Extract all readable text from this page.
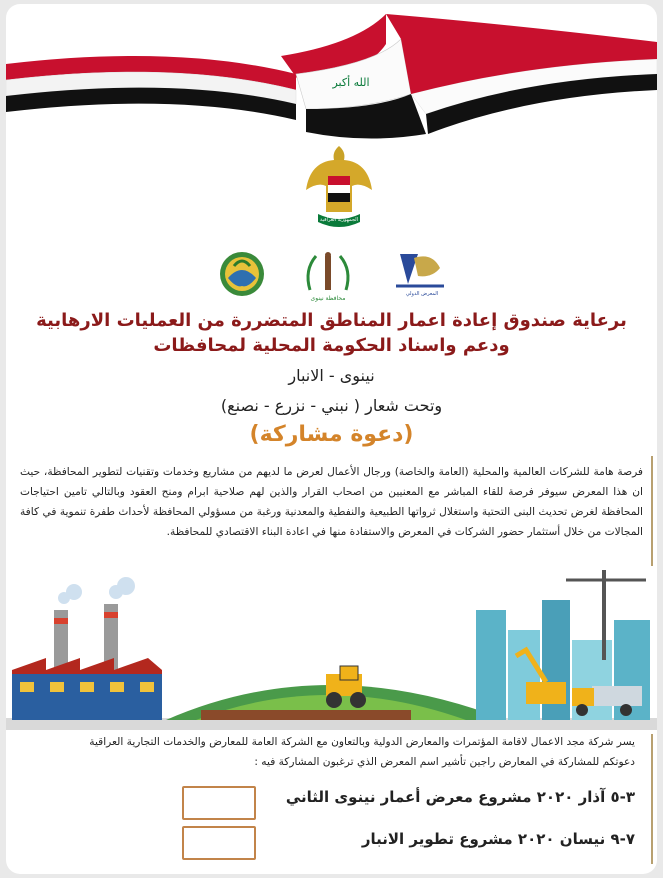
الله أكبر
الجمهورية العراقية
محافظة نينوى
المعرض الدولي
برعاية صندوق إعادة اعمار المناطق المتضررة من العمليات الارهابية
ودعم واسناد الحكومة المحلية لمحافظات
نينوى - الانبار
وتحت شعار ( نبني - نزرع - نصنع)
(دعوة مشاركة)
فرصة هامة للشركات العالمية والمحلية (العامة والخاصة) ورجال الأعمال لعرض ما لديهم من مشاريع وخدمات وتقنيات لتطوير المحافظة، حيث ان هذا المعرض سيوفر فرصة للقاء المباشر مع المعنيين من اصحاب القرار والذين لهم صلاحية ابرام ومنح العقود وبالتالي تامين احتياجات المحافظة لغرض تحديث البنى التحتية واستغلال ثرواتها الطبيعية والنفطية والمعدنية ورغبة من مسؤولي المحافظة لأحداث طفرة تنموية في كافة المجالات من خلال أستثمار حضور الشركات في المعرض والاستفادة منها في اعادة البناء الاقتصادي للمحافظة.
يسر شركة مجد الاعمال لاقامة المؤتمرات والمعارض الدولية وبالتعاون مع الشركة العامة للمعارض والخدمات التجارية العراقية
دعوتكم للمشاركة في المعارض راجين تأشير اسم المعرض الذي ترغبون المشاركة فيه :
٣-٥ آذار ٢٠٢٠ مشروع معرض أعمار نينوى الثاني
٧-٩ نيسان ٢٠٢٠ مشروع تطوير الانبار
